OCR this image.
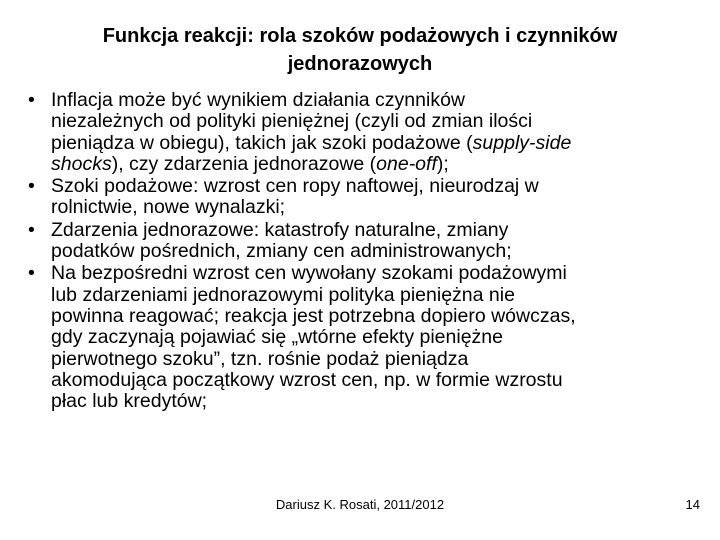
Funkcja reakcji: rola szoków podażowych i czynników
jednorazowych
• Inflacja może być wynikiem działania czynników
niezależnych od polityki pieniężnej (czyli od zmian ilości
pieniądza w obiegu), takich jak szoki podażowe (supply-side
shocks), czy zdarzenia jednorazowe (one-off);
• Szoki podażowe: wzrost cen ropy naftowej, nieurodzaj w
rolnictwie, nowe wynalazki;
• Zdarzenia jednorazowe: katastrofy naturalne, zmiany
podatków pośrednich, zmiany cen administrowanych;
• Na bezpośredni wzrost cen wywołany szokami podażowymi
lub zdarzeniami jednorazowymi polityka pieniężna nie
powinna reagować; reakcja jest potrzebna dopiero wówczas,
gdy zaczynają pojawiać się „wtórne efekty pieniężne
pierwotnego szoku”, tzn. rośnie podaż pieniądza
akomodująca początkowy wzrost cen, np. w formie wzrostu
płac lub kredytów;
Dariusz K. Rosati, 2011/2012	14
